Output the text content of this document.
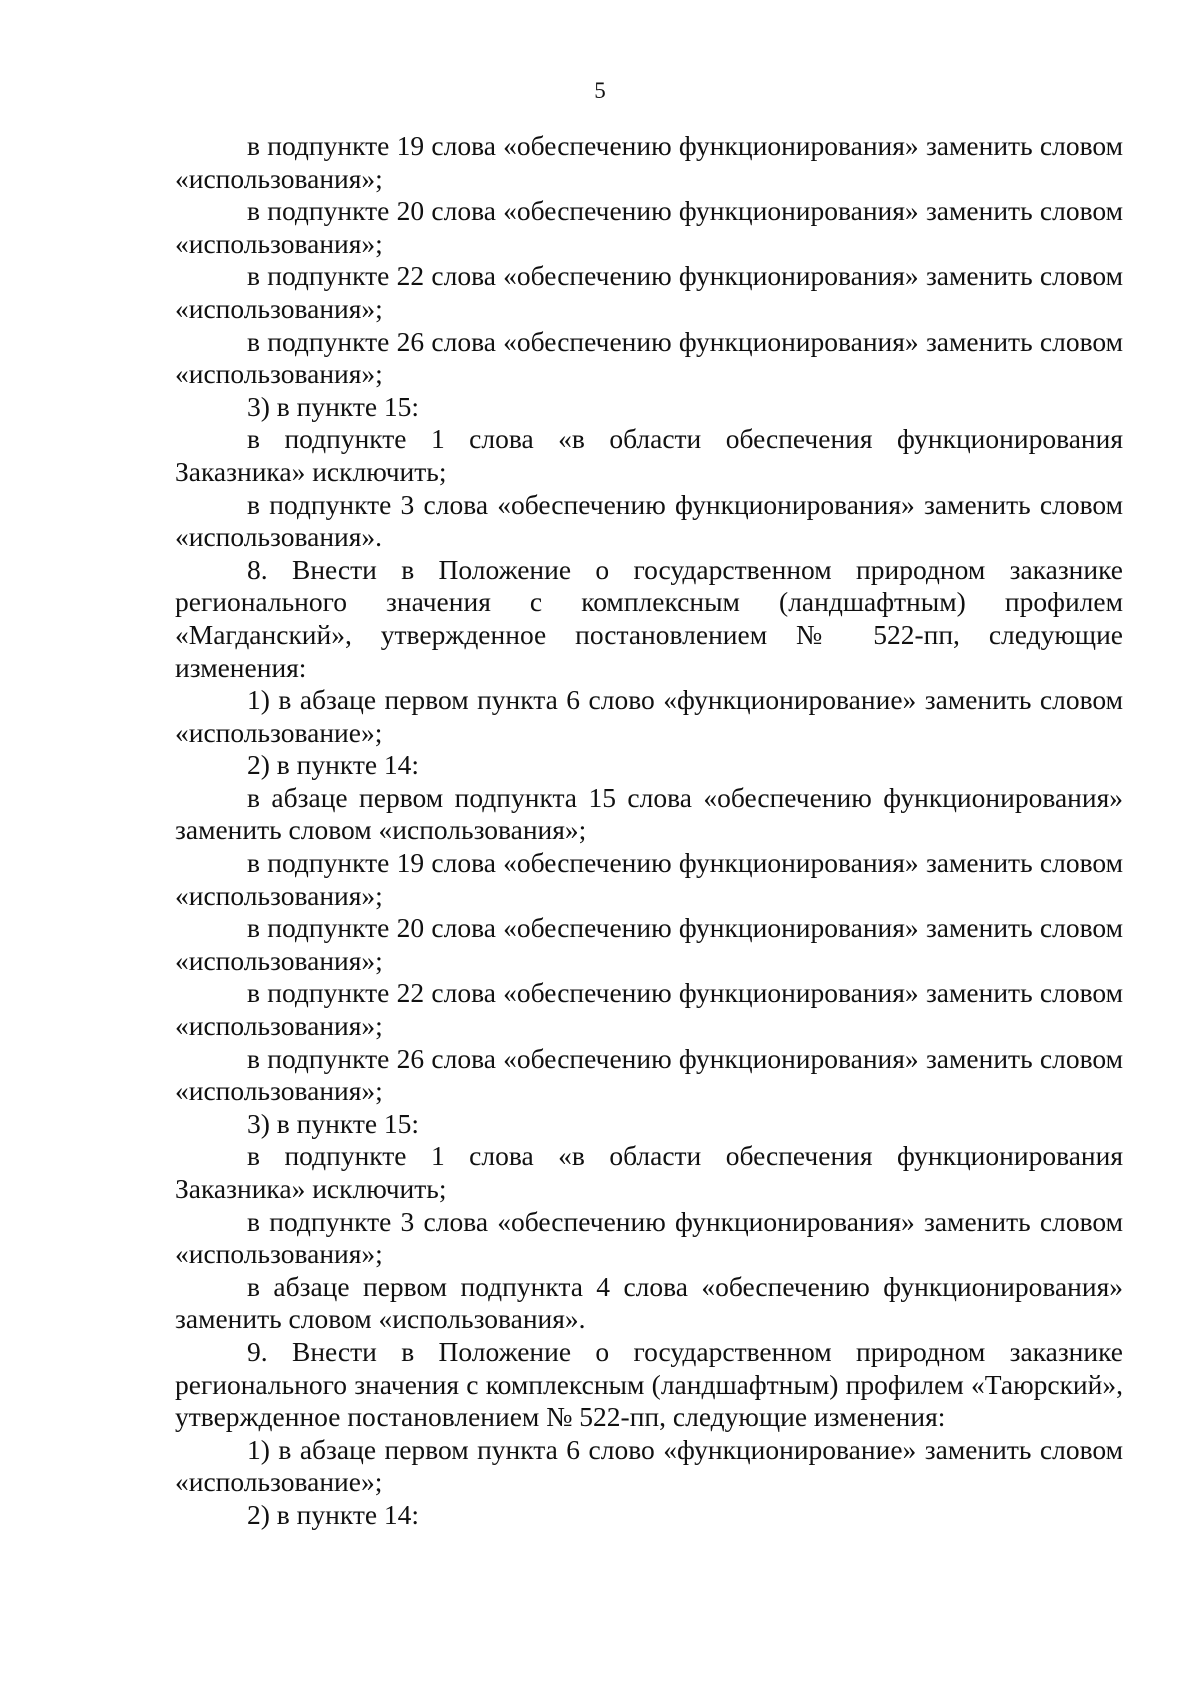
5

в подпункте 19 слова «обеспечению функционирования» заменить словом «использования»;

в подпункте 20 слова «обеспечению функционирования» заменить словом «использования»;

в подпункте 22 слова «обеспечению функционирования» заменить словом «использования»;

в подпункте 26 слова «обеспечению функционирования» заменить словом «использования»;

3) в пункте 15:

в подпункте 1 слова «в области обеспечения функционирования Заказника» исключить;

в подпункте 3 слова «обеспечению функционирования» заменить словом «использования».

8. Внести в Положение о государственном природном заказнике регионального значения с комплексным (ландшафтным) профилем «Магданский», утвержденное постановлением № 522-пп, следующие изменения:

1) в абзаце первом пункта 6 слово «функционирование» заменить словом «использование»;

2) в пункте 14:

в абзаце первом подпункта 15 слова «обеспечению функционирования» заменить словом «использования»;

в подпункте 19 слова «обеспечению функционирования» заменить словом «использования»;

в подпункте 20 слова «обеспечению функционирования» заменить словом «использования»;

в подпункте 22 слова «обеспечению функционирования» заменить словом «использования»;

в подпункте 26 слова «обеспечению функционирования» заменить словом «использования»;

3) в пункте 15:

в подпункте 1 слова «в области обеспечения функционирования Заказника» исключить;

в подпункте 3 слова «обеспечению функционирования» заменить словом «использования»;

в абзаце первом подпункта 4 слова «обеспечению функционирования» заменить словом «использования».

9. Внести в Положение о государственном природном заказнике регионального значения с комплексным (ландшафтным) профилем «Таюрский», утвержденное постановлением № 522-пп, следующие изменения:

1) в абзаце первом пункта 6 слово «функционирование» заменить словом «использование»;

2) в пункте 14:
